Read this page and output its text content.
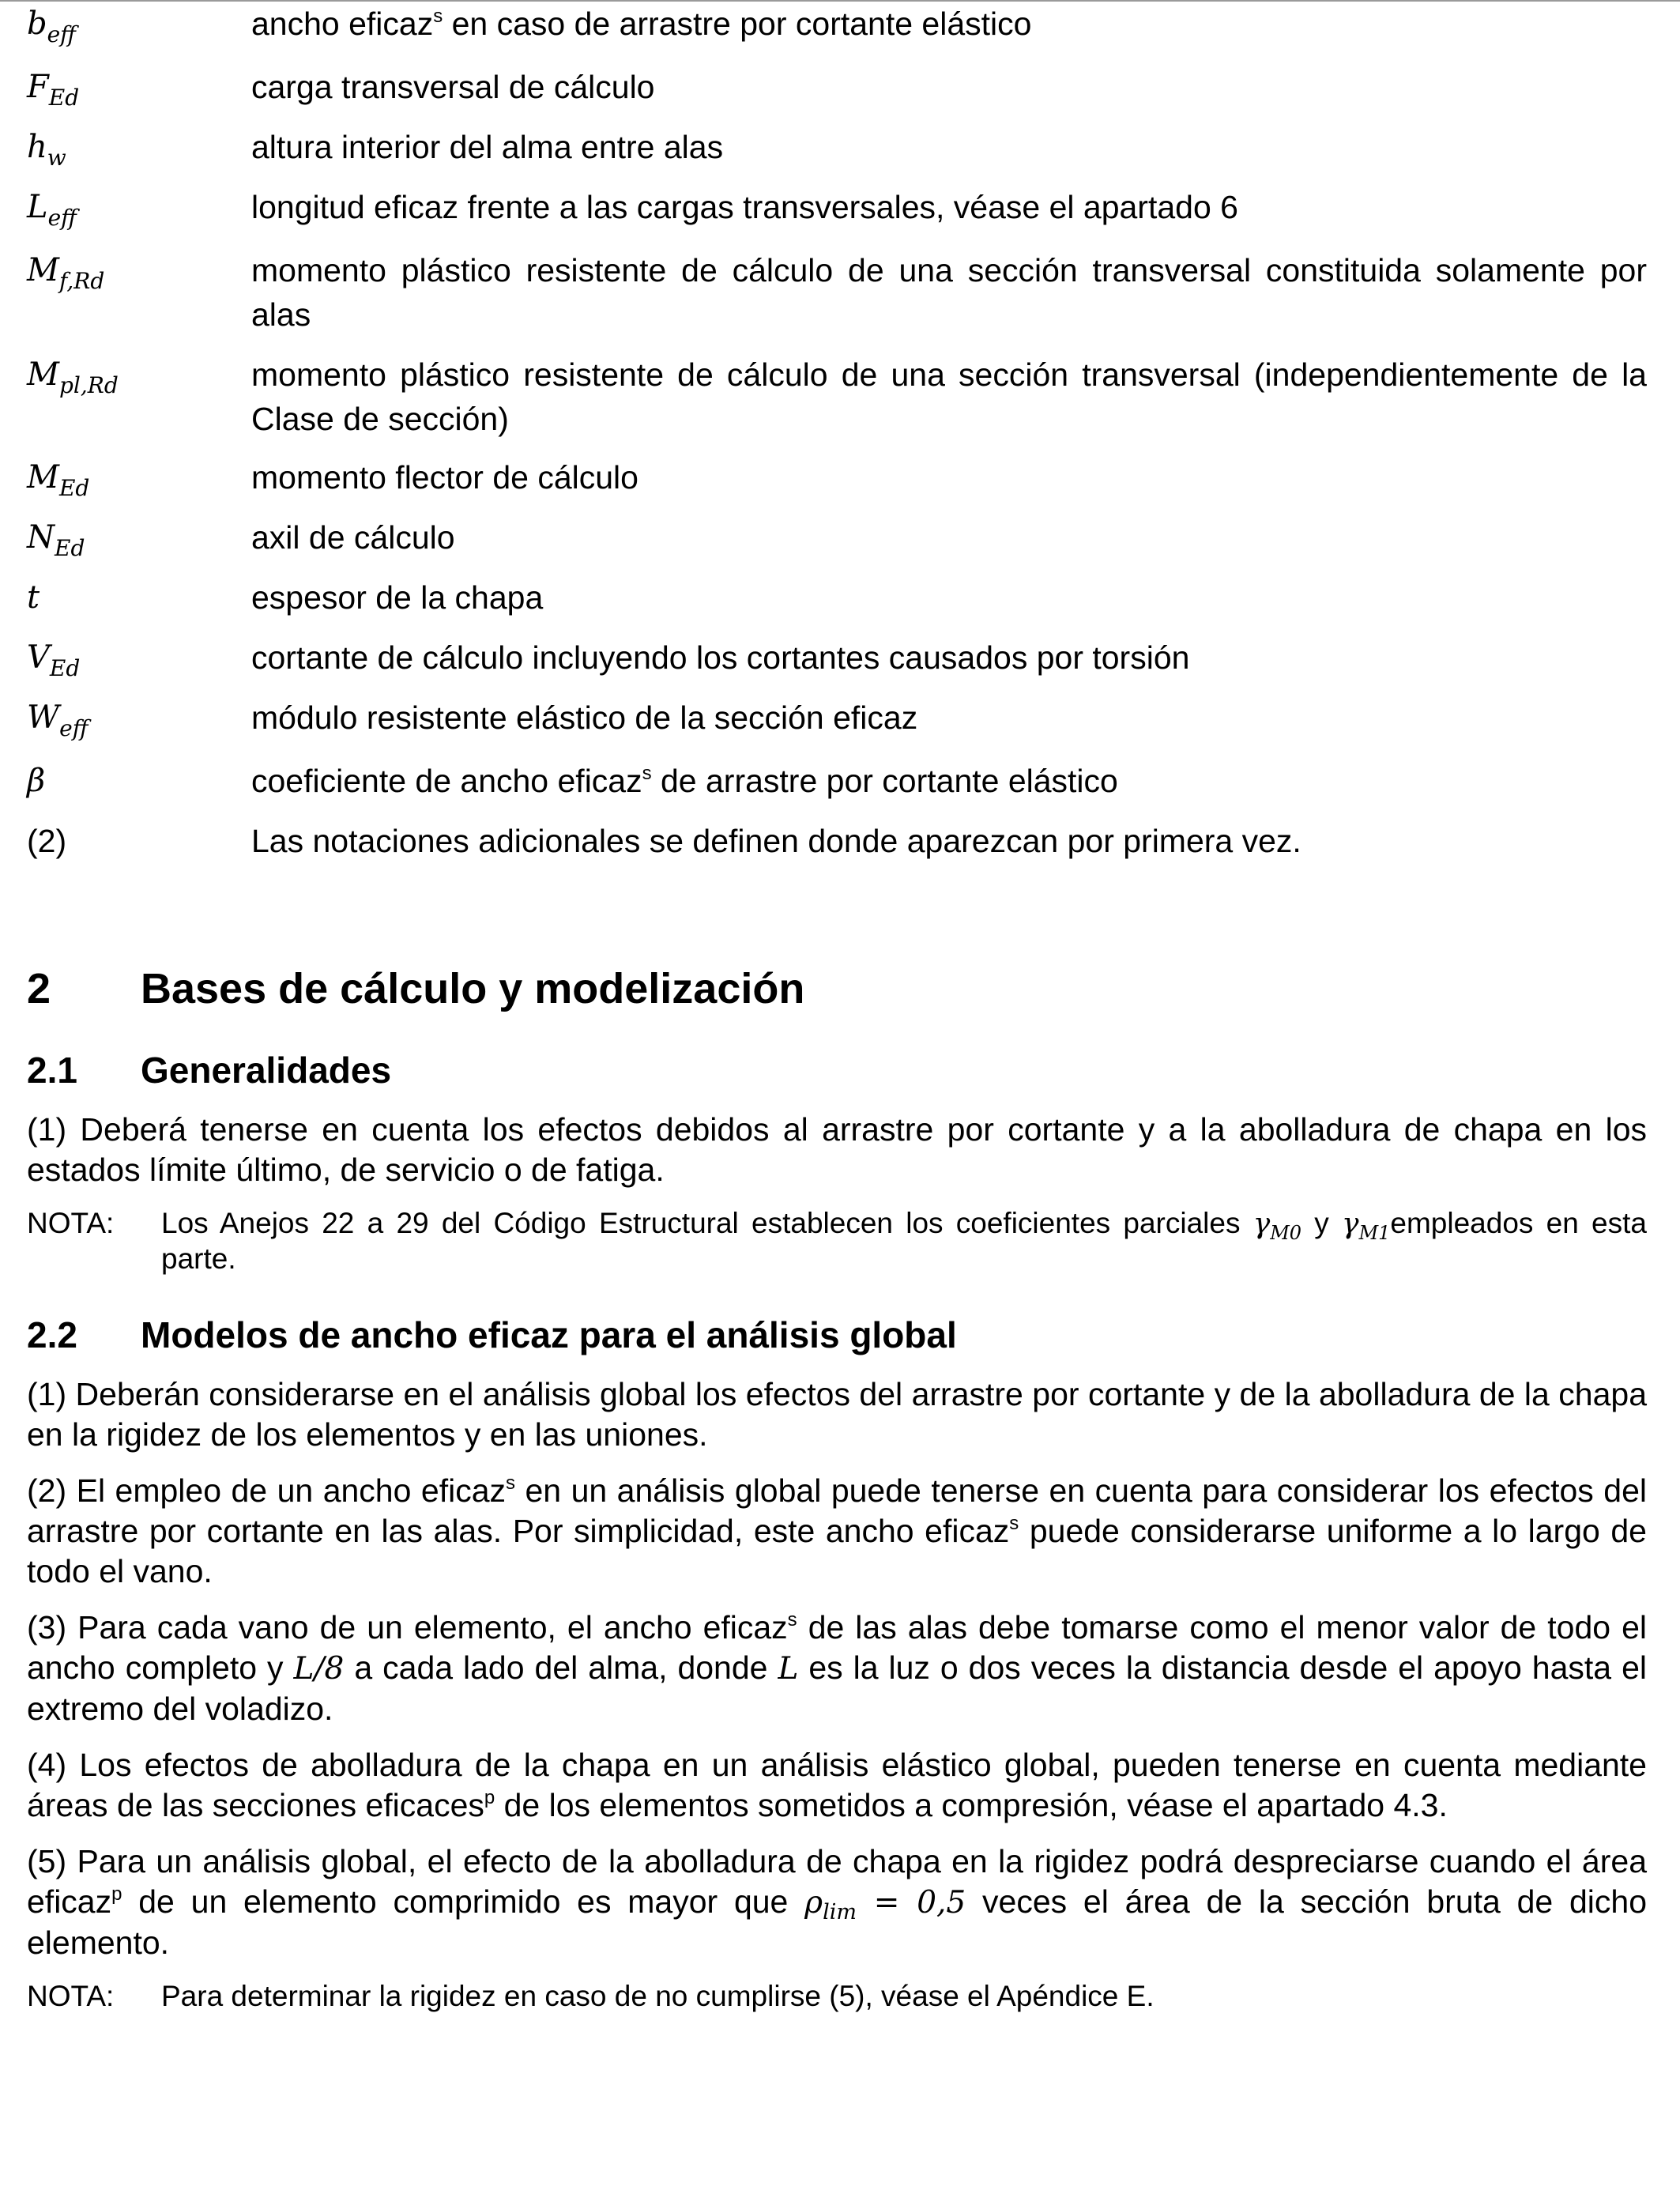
$b_{eff}$	ancho eficaz$^s$ en caso de arrastre por cortante elástico
$F_{Ed}$	carga transversal de cálculo
$h_w$	altura interior del alma entre alas
$L_{eff}$	longitud eficaz frente a las cargas transversales, véase el apartado 6
$M_{f,Rd}$	momento plástico resistente de cálculo de una sección transversal constituida solamente por alas
$M_{pl,Rd}$	momento plástico resistente de cálculo de una sección transversal (independientemente de la Clase de sección)
$M_{Ed}$	momento flector de cálculo
$N_{Ed}$	axil de cálculo
t	espesor de la chapa
$V_{Ed}$	cortante de cálculo incluyendo los cortantes causados por torsión
$W_{eff}$	módulo resistente elástico de la sección eficaz
β	coeficiente de ancho eficaz$^s$ de arrastre por cortante elástico
(2)	Las notaciones adicionales se definen donde aparezcan por primera vez.
2 Bases de cálculo y modelización
2.1 Generalidades
(1) Deberá tenerse en cuenta los efectos debidos al arrastre por cortante y a la abolladura de chapa en los estados límite último, de servicio o de fatiga.
NOTA: Los Anejos 22 a 29 del Código Estructural establecen los coeficientes parciales $\gamma_{M0}$ y $\gamma_{M1}empleados$ en esta parte.
2.2 Modelos de ancho eficaz para el análisis global
(1) Deberán considerarse en el análisis global los efectos del arrastre por cortante y de la abolladura de la chapa en la rigidez de los elementos y en las uniones.
(2) El empleo de un ancho eficaz$^s$ en un análisis global puede tenerse en cuenta para considerar los efectos del arrastre por cortante en las alas. Por simplicidad, este ancho eficaz$^s$ puede considerarse uniforme a lo largo de todo el vano.
(3) Para cada vano de un elemento, el ancho eficaz$^s$ de las alas debe tomarse como el menor valor de todo el ancho completo y L/8 a cada lado del alma, donde L es la luz o dos veces la distancia desde el apoyo hasta el extremo del voladizo.
(4) Los efectos de abolladura de la chapa en un análisis elástico global, pueden tenerse en cuenta mediante áreas de las secciones eficaces$^p$ de los elementos sometidos a compresión, véase el apartado 4.3.
(5) Para un análisis global, el efecto de la abolladura de chapa en la rigidez podrá despreciarse cuando el área eficaz$^p$ de un elemento comprimido es mayor que $\rho_{lim} = 0,5$ veces el área de la sección bruta de dicho elemento.
NOTA: Para determinar la rigidez en caso de no cumplirse (5), véase el Apéndice E.
